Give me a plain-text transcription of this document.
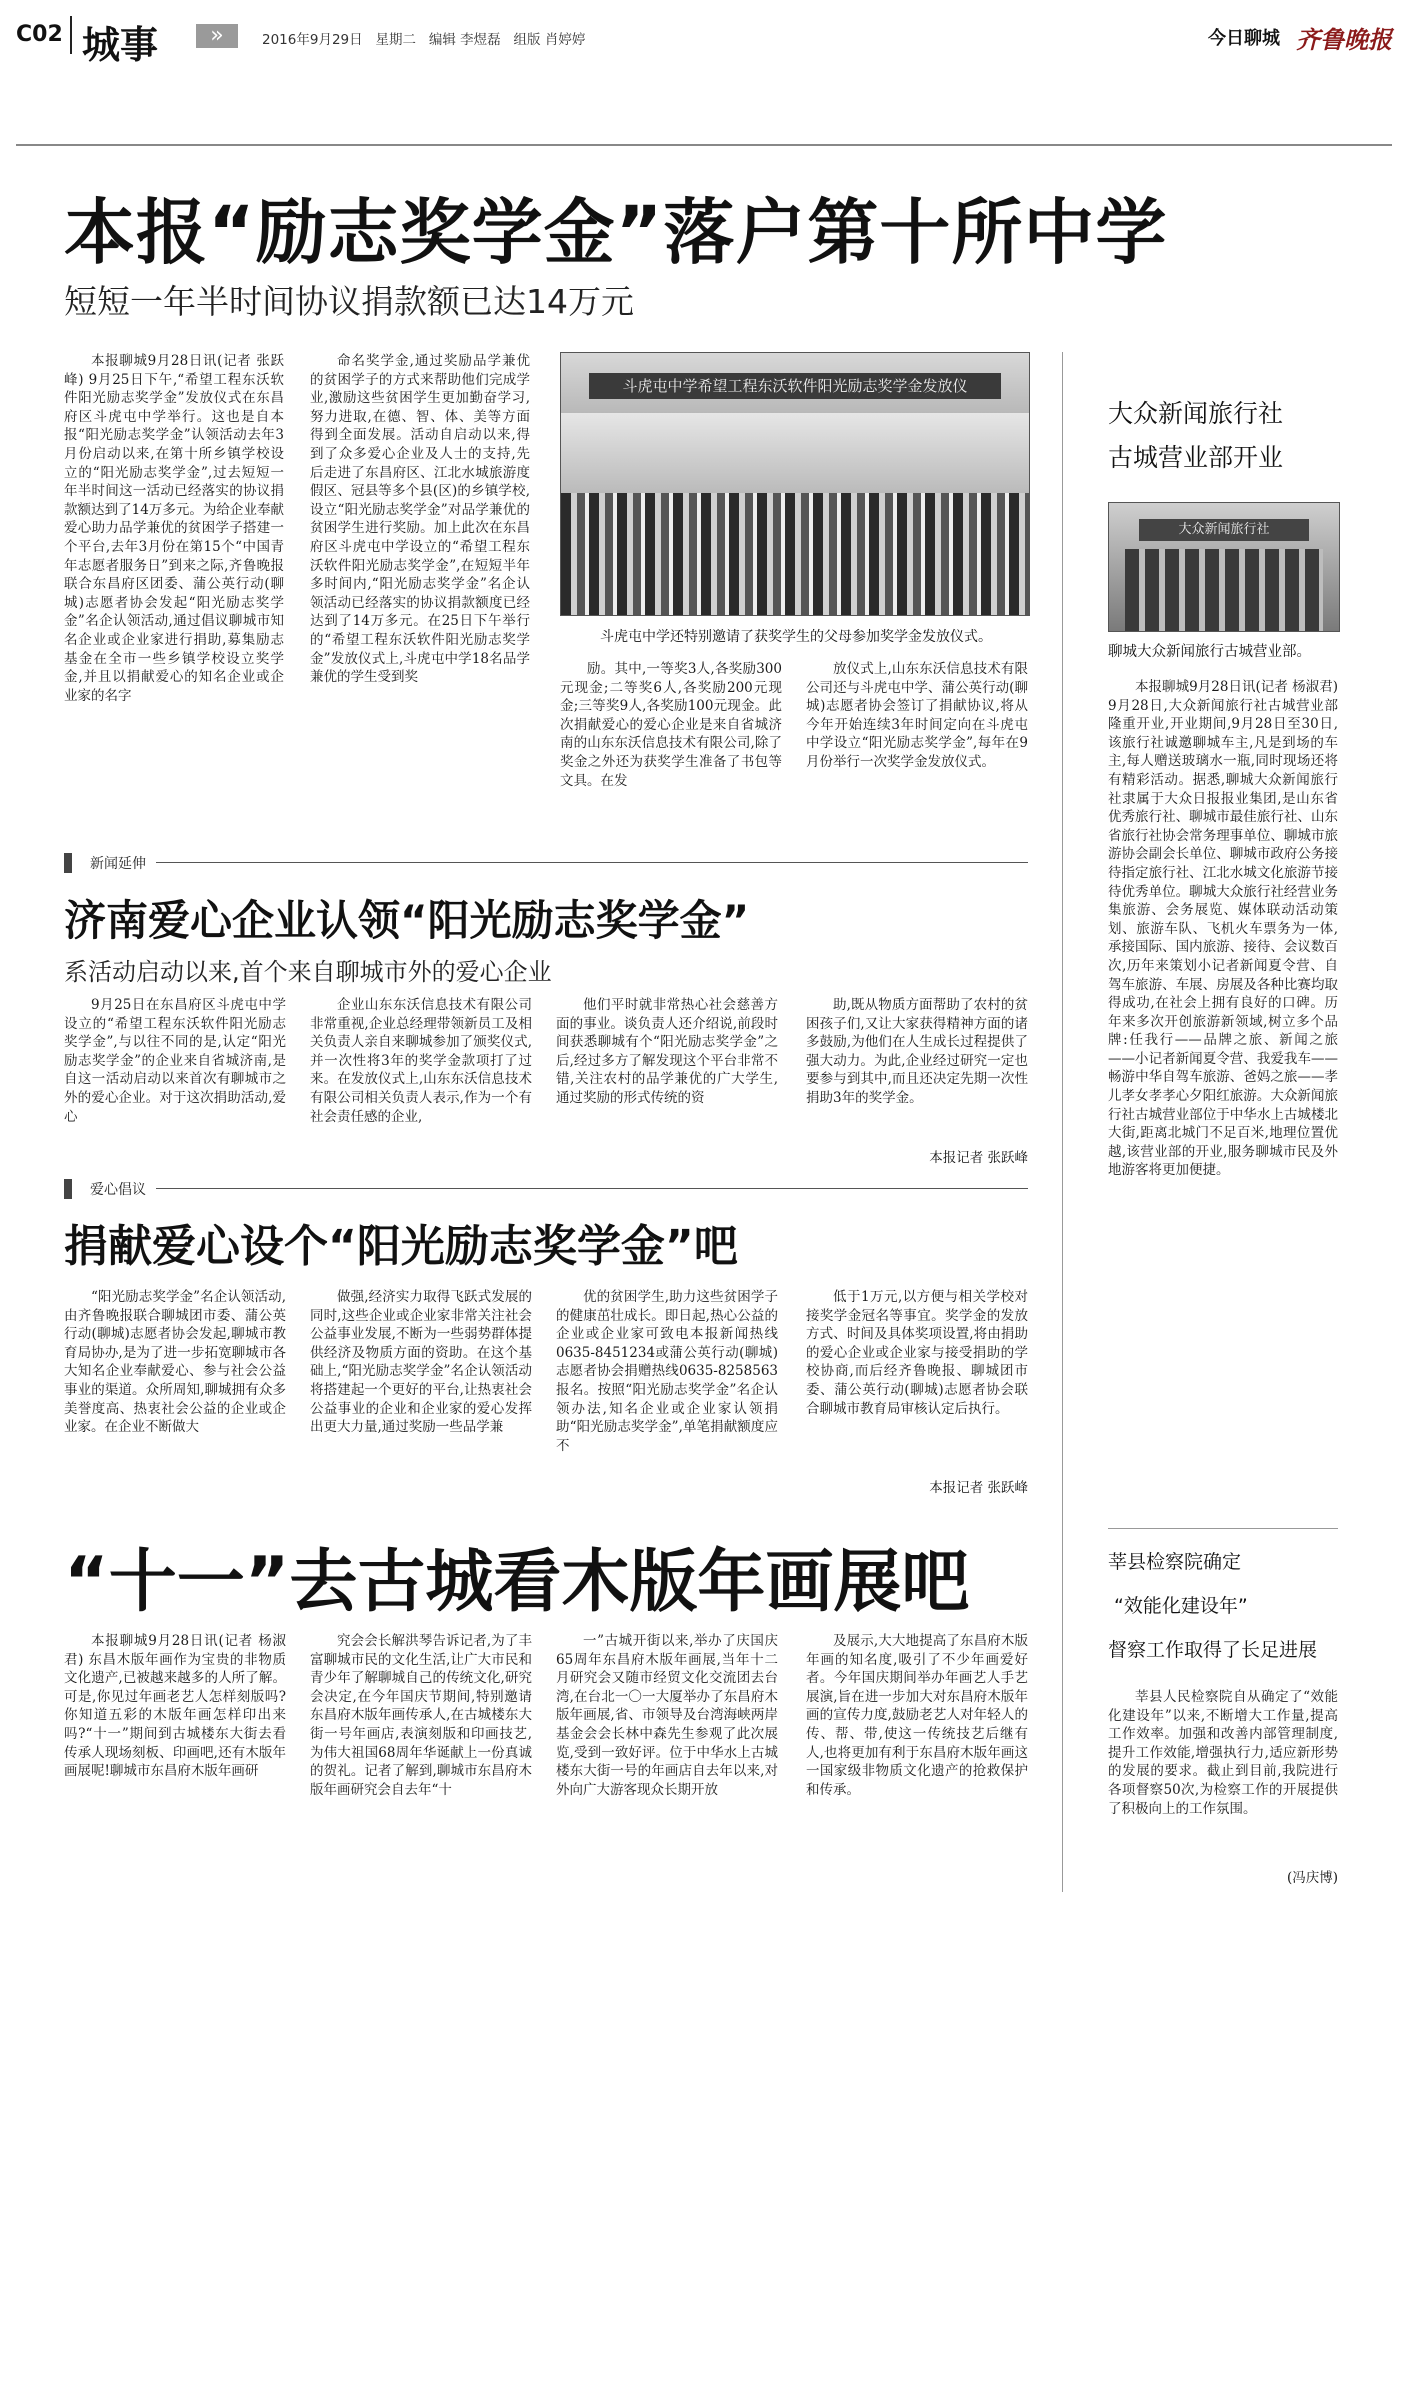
C02 城事	»	2016年9月29日 星期二 编辑 李煜磊 组版 肖婷婷	今日聊城 齐鲁晚报
本报“励志奖学金”落户第十所中学
短短一年半时间协议捐款额已达14万元

本报聊城9月28日讯(记者 张跃峰) 9月25日下午,“希望工程东沃软件阳光励志奖学金”发放仪式在东昌府区斗虎屯中学举行。这也是自本报“阳光励志奖学金”认领活动去年3月份启动以来,在第十所乡镇学校设立的“阳光励志奖学金”,过去短短一年半时间这一活动已经落实的协议捐款额达到了14万多元。为给企业奉献爱心助力品学兼优的贫困学子搭建一个平台,去年3月份在第15个“中国青年志愿者服务日”到来之际,齐鲁晚报联合东昌府区团委、蒲公英行动(聊城)志愿者协会发起“阳光励志奖学金”名企认领活动,通过倡议聊城市知名企业或企业家进行捐助,募集励志基金在全市一些乡镇学校设立奖学金,并且以捐献爱心的知名企业或企业家的名字

命名奖学金,通过奖励品学兼优的贫困学子的方式来帮助他们完成学业,激励这些贫困学生更加勤奋学习,努力进取,在德、智、体、美等方面得到全面发展。活动自启动以来,得到了众多爱心企业及人士的支持,先后走进了东昌府区、江北水城旅游度假区、冠县等多个县(区)的乡镇学校,设立“阳光励志奖学金”对品学兼优的贫困学生进行奖励。加上此次在东昌府区斗虎屯中学设立的“希望工程东沃软件阳光励志奖学金”,在短短半年多时间内,“阳光励志奖学金”名企认领活动已经落实的协议捐款额度已经达到了14万多元。在25日下午举行的“希望工程东沃软件阳光励志奖学金”发放仪式上,斗虎屯中学18名品学兼优的学生受到奖

斗虎屯中学希望工程东沃软件阳光励志奖学金发放仪
斗虎屯中学还特别邀请了获奖学生的父母参加奖学金发放仪式。

励。其中,一等奖3人,各奖励300元现金;二等奖6人,各奖励200元现金;三等奖9人,各奖励100元现金。此次捐献爱心的爱心企业是来自省城济南的山东东沃信息技术有限公司,除了奖金之外还为获奖学生准备了书包等文具。在发

放仪式上,山东东沃信息技术有限公司还与斗虎屯中学、蒲公英行动(聊城)志愿者协会签订了捐献协议,将从今年开始连续3年时间定向在斗虎屯中学设立“阳光励志奖学金”,每年在9月份举行一次奖学金发放仪式。

新闻延伸
济南爱心企业认领“阳光励志奖学金”
系活动启动以来,首个来自聊城市外的爱心企业

9月25日在东昌府区斗虎屯中学设立的“希望工程东沃软件阳光励志奖学金”,与以往不同的是,认定“阳光励志奖学金”的企业来自省城济南,是自这一活动启动以来首次有聊城市之外的爱心企业。对于这次捐助活动,爱心

企业山东东沃信息技术有限公司非常重视,企业总经理带领新员工及相关负责人亲自来聊城参加了颁奖仪式,并一次性将3年的奖学金款项打了过来。在发放仪式上,山东东沃信息技术有限公司相关负责人表示,作为一个有社会责任感的企业,

他们平时就非常热心社会慈善方面的事业。谈负责人还介绍说,前段时间获悉聊城有个“阳光励志奖学金”之后,经过多方了解发现这个平台非常不错,关注农村的品学兼优的广大学生,通过奖励的形式传统的资

助,既从物质方面帮助了农村的贫困孩子们,又让大家获得精神方面的诸多鼓励,为他们在人生成长过程提供了强大动力。为此,企业经过研究一定也要参与到其中,而且还决定先期一次性捐助3年的奖学金。

本报记者 张跃峰
爱心倡议
捐献爱心设个“阳光励志奖学金”吧

“阳光励志奖学金”名企认领活动,由齐鲁晚报联合聊城团市委、蒲公英行动(聊城)志愿者协会发起,聊城市教育局协办,是为了进一步拓宽聊城市各大知名企业奉献爱心、参与社会公益事业的渠道。众所周知,聊城拥有众多美誉度高、热衷社会公益的企业或企业家。在企业不断做大

做强,经济实力取得飞跃式发展的同时,这些企业或企业家非常关注社会公益事业发展,不断为一些弱势群体提供经济及物质方面的资助。在这个基础上,“阳光励志奖学金”名企认领活动将搭建起一个更好的平台,让热衷社会公益事业的企业和企业家的爱心发挥出更大力量,通过奖励一些品学兼

优的贫困学生,助力这些贫困学子的健康茁壮成长。即日起,热心公益的企业或企业家可致电本报新闻热线0635-8451234或蒲公英行动(聊城)志愿者协会捐赠热线0635-8258563报名。按照“阳光励志奖学金”名企认领办法,知名企业或企业家认领捐助“阳光励志奖学金”,单笔捐献额度应不

低于1万元,以方便与相关学校对接奖学金冠名等事宜。奖学金的发放方式、时间及具体奖项设置,将由捐助的爱心企业或企业家与接受捐助的学校协商,而后经齐鲁晚报、聊城团市委、蒲公英行动(聊城)志愿者协会联合聊城市教育局审核认定后执行。

本报记者 张跃峰
“十一”去古城看木版年画展吧

本报聊城9月28日讯(记者 杨淑君) 东昌木版年画作为宝贵的非物质文化遗产,已被越来越多的人所了解。可是,你见过年画老艺人怎样刻版吗?你知道五彩的木版年画怎样印出来吗?“十一”期间到古城楼东大街去看传承人现场刻板、印画吧,还有木版年画展呢!聊城市东昌府木版年画研

究会会长解洪琴告诉记者,为了丰富聊城市民的文化生活,让广大市民和青少年了解聊城自己的传统文化,研究会决定,在今年国庆节期间,特别邀请东昌府木版年画传承人,在古城楼东大街一号年画店,表演刻版和印画技艺,为伟大祖国68周年华诞献上一份真诚的贺礼。记者了解到,聊城市东昌府木版年画研究会自去年“十

一”古城开街以来,举办了庆国庆65周年东昌府木版年画展,当年十二月研究会又随市经贸文化交流团去台湾,在台北一〇一大厦举办了东昌府木版年画展,省、市领导及台湾海峡两岸基金会会长林中森先生参观了此次展览,受到一致好评。位于中华水上古城楼东大街一号的年画店自去年以来,对外向广大游客现众长期开放

及展示,大大地提高了东昌府木版年画的知名度,吸引了不少年画爱好者。今年国庆期间举办年画艺人手艺展演,旨在进一步加大对东昌府木版年画的宣传力度,鼓励老艺人对年轻人的传、帮、带,使这一传统技艺后继有人,也将更加有利于东昌府木版年画这一国家级非物质文化遗产的抢救保护和传承。

大众新闻旅行社
古城营业部开业
大众新闻旅行社
聊城大众新闻旅行古城营业部。

本报聊城9月28日讯(记者 杨淑君) 9月28日,大众新闻旅行社古城营业部隆重开业,开业期间,9月28日至30日,该旅行社诚邀聊城车主,凡是到场的车主,每人赠送玻璃水一瓶,同时现场还将有精彩活动。据悉,聊城大众新闻旅行社隶属于大众日报报业集团,是山东省优秀旅行社、聊城市最佳旅行社、山东省旅行社协会常务理事单位、聊城市旅游协会副会长单位、聊城市政府公务接待指定旅行社、江北水城文化旅游节接待优秀单位。聊城大众旅行社经营业务集旅游、会务展览、媒体联动活动策划、旅游车队、飞机火车票务为一体,承接国际、国内旅游、接待、会议数百次,历年来策划小记者新闻夏令营、自驾车旅游、车展、房展及各种比赛均取得成功,在社会上拥有良好的口碑。历年来多次开创旅游新领域,树立多个品牌:任我行——品牌之旅、新闻之旅——小记者新闻夏令营、我爱我车——畅游中华自驾车旅游、爸妈之旅——孝儿孝女孝孝心夕阳红旅游。大众新闻旅行社古城营业部位于中华水上古城楼北大街,距离北城门不足百米,地理位置优越,该营业部的开业,服务聊城市民及外地游客将更加便捷。

莘县检察院确定
“效能化建设年”
督察工作取得了长足进展

莘县人民检察院自从确定了“效能化建设年”以来,不断增大工作量,提高工作效率。加强和改善内部管理制度,提升工作效能,增强执行力,适应新形势的发展的要求。截止到目前,我院进行各项督察50次,为检察工作的开展提供了积极向上的工作氛围。

(冯庆博)
